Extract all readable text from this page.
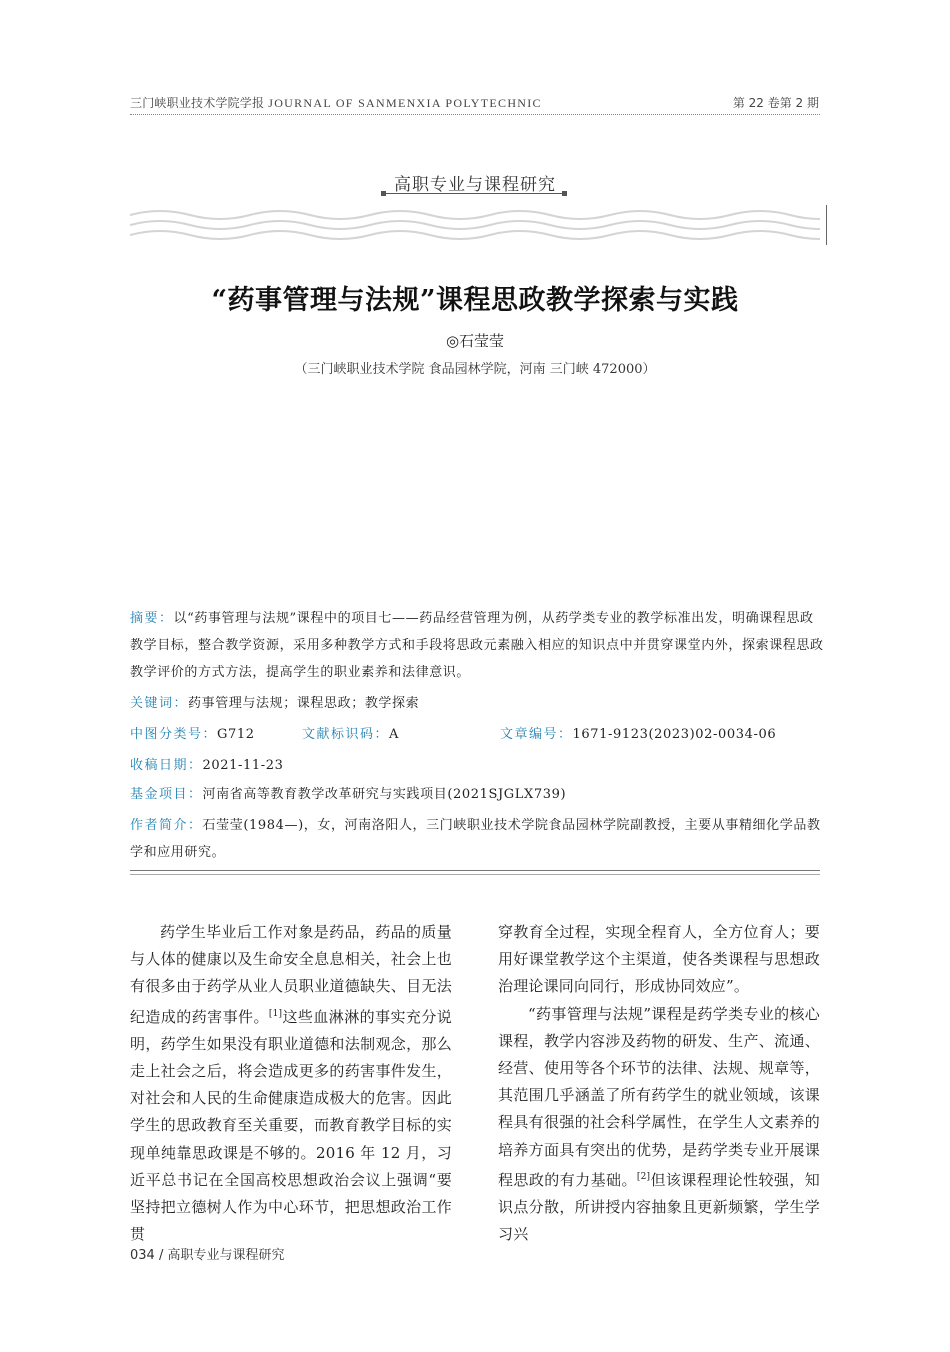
三门峡职业技术学院学报 JOURNAL OF SANMENXIA POLYTECHNIC	第 22 卷第 2 期
高职专业与课程研究
“药事管理与法规”课程思政教学探索与实践
◎石莹莹
（三门峡职业技术学院 食品园林学院，河南 三门峡 472000）
摘要：以“药事管理与法规”课程中的项目七——药品经营管理为例，从药学类专业的教学标准出发，明确课程思政教学目标，整合教学资源，采用多种教学方式和手段将思政元素融入相应的知识点中并贯穿课堂内外，探索课程思政教学评价的方式方法，提高学生的职业素养和法律意识。
关键词：药事管理与法规；课程思政；教学探索
中图分类号：G712	文献标识码：A	文章编号：1671-9123(2023)02-0034-06
收稿日期：2021-11-23
基金项目：河南省高等教育教学改革研究与实践项目(2021SJGLX739)
作者简介：石莹莹(1984—)，女，河南洛阳人，三门峡职业技术学院食品园林学院副教授，主要从事精细化学品教学和应用研究。

药学生毕业后工作对象是药品，药品的质量与人体的健康以及生命安全息息相关，社会上也有很多由于药学从业人员职业道德缺失、目无法纪造成的药害事件。[1]这些血淋淋的事实充分说明，药学生如果没有职业道德和法制观念，那么走上社会之后，将会造成更多的药害事件发生，对社会和人民的生命健康造成极大的危害。因此学生的思政教育至关重要，而教育教学目标的实现单纯靠思政课是不够的。2016 年 12 月，习近平总书记在全国高校思想政治会议上强调“要坚持把立德树人作为中心环节，把思想政治工作贯

穿教育全过程，实现全程育人，全方位育人；要用好课堂教学这个主渠道，使各类课程与思想政治理论课同向同行，形成协同效应”。

“药事管理与法规”课程是药学类专业的核心课程，教学内容涉及药物的研发、生产、流通、经营、使用等各个环节的法律、法规、规章等，其范围几乎涵盖了所有药学生的就业领域，该课程具有很强的社会科学属性，在学生人文素养的培养方面具有突出的优势，是药学类专业开展课程思政的有力基础。[2]但该课程理论性较强，知识点分散，所讲授内容抽象且更新频繁，学生学习兴

034 / 高职专业与课程研究
